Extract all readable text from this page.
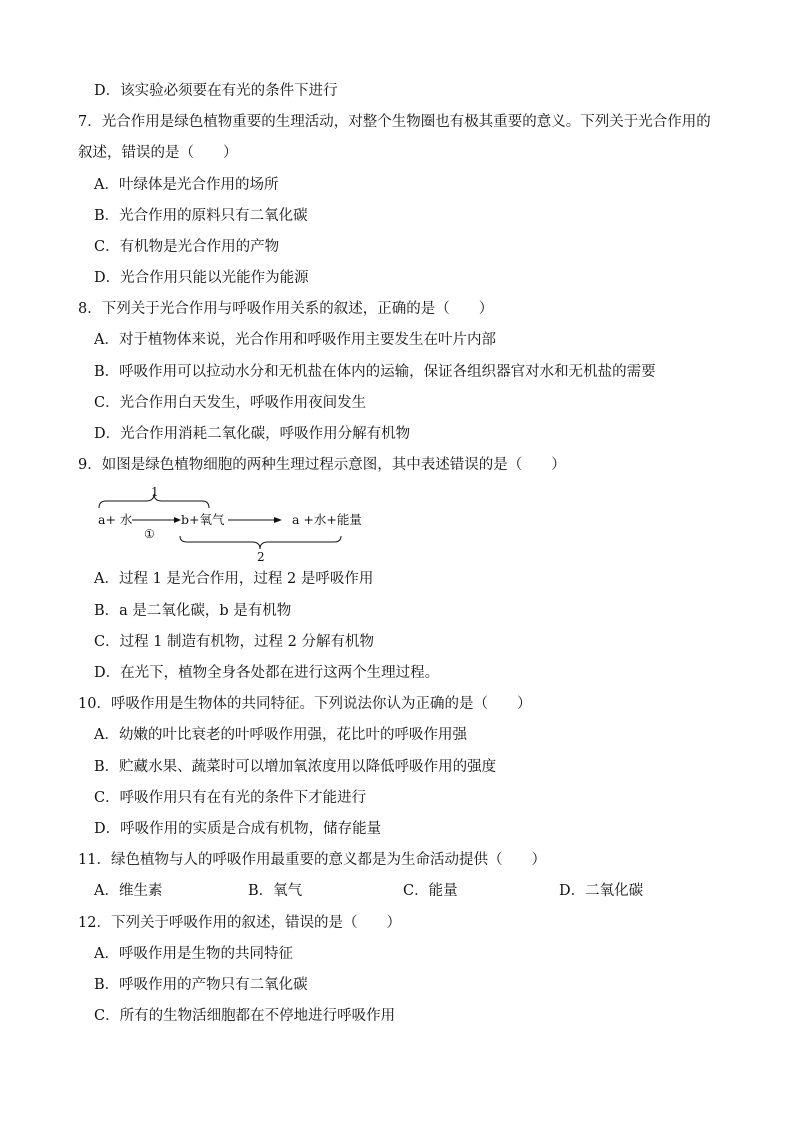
D．该实验必须要在有光的条件下进行
7．光合作用是绿色植物重要的生理活动，对整个生物圈也有极其重要的意义。下列关于光合作用的
叙述，错误的是（　　）
A．叶绿体是光合作用的场所
B．光合作用的原料只有二氧化碳
C．有机物是光合作用的产物
D．光合作用只能以光能作为能源
8．下列关于光合作用与呼吸作用关系的叙述，正确的是（　　）
A．对于植物体来说，光合作用和呼吸作用主要发生在叶片内部
B．呼吸作用可以拉动水分和无机盐在体内的运输，保证各组织器官对水和无机盐的需要
C．光合作用白天发生，呼吸作用夜间发生
D．光合作用消耗二氧化碳，呼吸作用分解有机物
9．如图是绿色植物细胞的两种生理过程示意图，其中表述错误的是（　　）
1
a+ 水
①
b+氧气	a +水+能量
2
A．过程 1 是光合作用，过程 2 是呼吸作用
B．a 是二氧化碳，b 是有机物
C．过程 1 制造有机物，过程 2 分解有机物
D．在光下，植物全身各处都在进行这两个生理过程。
10．呼吸作用是生物体的共同特征。下列说法你认为正确的是（　　）
A．幼嫩的叶比衰老的叶呼吸作用强，花比叶的呼吸作用强
B．贮藏水果、蔬菜时可以增加氧浓度用以降低呼吸作用的强度
C．呼吸作用只有在有光的条件下才能进行
D．呼吸作用的实质是合成有机物，储存能量
11．绿色植物与人的呼吸作用最重要的意义都是为生命活动提供（　　）
A．维生素	B．氧气	C．能量	D．二氧化碳
12．下列关于呼吸作用的叙述，错误的是（　　）
A．呼吸作用是生物的共同特征
B．呼吸作用的产物只有二氧化碳
C．所有的生物活细胞都在不停地进行呼吸作用
